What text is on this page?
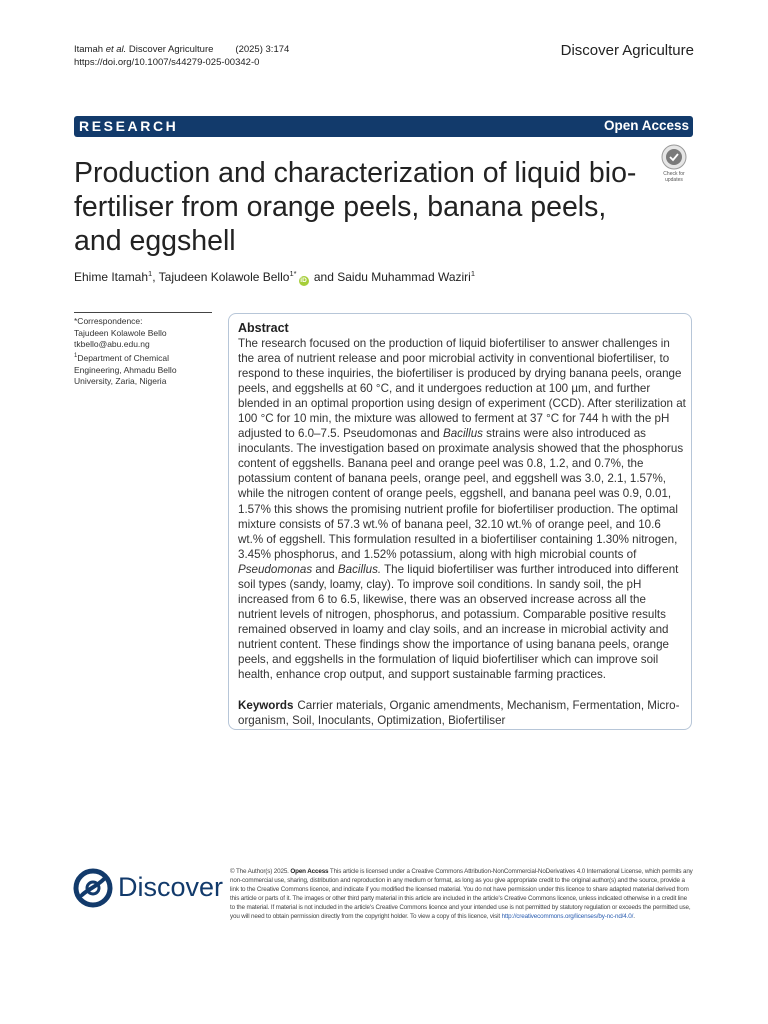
Itamah et al. Discover Agriculture (2025) 3:174
https://doi.org/10.1007/s44279-025-00342-0
Discover Agriculture
RESEARCH	Open Access
Production and characterization of liquid bio-fertiliser from orange peels, banana peels, and eggshell
Check for updates
Ehime Itamah$^1$, Tajudeen Kolawole Bello$^{1*}$iD and Saidu Muhammad Waziri$^1$
*Correspondence:
Tajudeen Kolawole Bello
tkbello@abu.edu.ng
$^1$Department of Chemical Engineering, Ahmadu Bello University, Zaria, Nigeria
Abstract

The research focused on the production of liquid biofertiliser to answer challenges in the area of nutrient release and poor microbial activity in conventional biofertiliser, to respond to these inquiries, the biofertiliser is produced by drying banana peels, orange peels, and eggshells at 60 °C, and it undergoes reduction at 100 µm, and further blended in an optimal proportion using design of experiment (CCD). After sterilization at 100 °C for 10 min, the mixture was allowed to ferment at 37 °C for 744 h with the pH adjusted to 6.0–7.5. Pseudomonas and Bacillus strains were also introduced as inoculants. The investigation based on proximate analysis showed that the phosphorus content of eggshells. Banana peel and orange peel was 0.8, 1.2, and 0.7%, the potassium content of banana peels, orange peel, and eggshell was 3.0, 2.1, 1.57%, while the nitrogen content of orange peels, eggshell, and banana peel was 0.9, 0.01, 1.57% this shows the promising nutrient profile for biofertiliser production. The optimal mixture consists of 57.3 wt.% of banana peel, 32.10 wt.% of orange peel, and 10.6 wt.% of eggshell. This formulation resulted in a biofertiliser containing 1.30% nitrogen, 3.45% phosphorus, and 1.52% potassium, along with high microbial counts of Pseudomonas and Bacillus. The liquid biofertiliser was further introduced into different soil types (sandy, loamy, clay). To improve soil conditions. In sandy soil, the pH increased from 6 to 6.5, likewise, there was an observed increase across all the nutrient levels of nitrogen, phosphorus, and potassium. Comparable positive results remained observed in loamy and clay soils, and an increase in microbial activity and nutrient content. These findings show the importance of using banana peels, orange peels, and eggshells in the formulation of liquid biofertiliser which can improve soil health, enhance crop output, and support sustainable farming practices.

Keywords Carrier materials, Organic amendments, Mechanism, Fermentation, Micro-organism, Soil, Inoculants, Optimization, Biofertiliser

Discover

© The Author(s) 2025. Open Access This article is licensed under a Creative Commons Attribution-NonCommercial-NoDerivatives 4.0 International License, which permits any non-commercial use, sharing, distribution and reproduction in any medium or format, as long as you give appropriate credit to the original author(s) and the source, provide a link to the Creative Commons licence, and indicate if you modified the licensed material. You do not have permission under this licence to share adapted material derived from this article or parts of it. The images or other third party material in this article are included in the article's Creative Commons licence, unless indicated otherwise in a credit line to the material. If material is not included in the article's Creative Commons licence and your intended use is not permitted by statutory regulation or exceeds the permitted use, you will need to obtain permission directly from the copyright holder. To view a copy of this licence, visit http://creativecommons.org/licenses/by-nc-nd/4.0/.
